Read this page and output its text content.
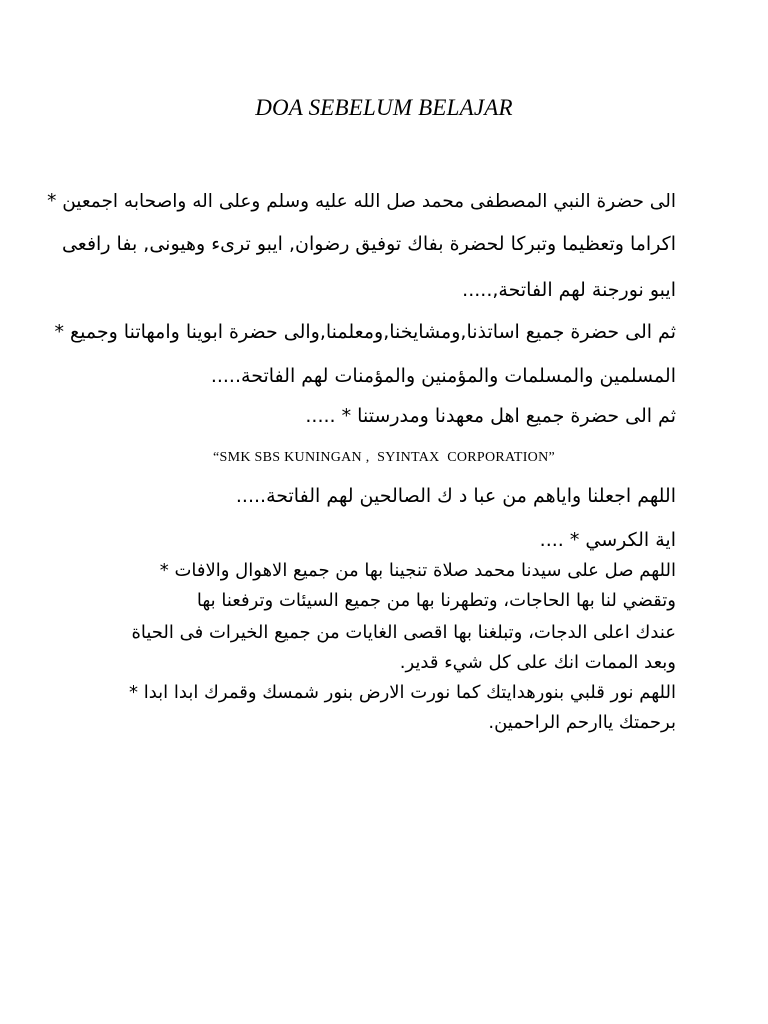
DOA SEBELUM BELAJAR
الى حضرة النبي المصطفى محمد صل الله عليه وسلم وعلى اله واصحابه اجمعين *
اكراما وتعظيما وتبركا لحضرة بفاك توفيق رضوان, ايبو ترىء وهيونى, بفا رافعى
ايبو نورجنة لهم الفاتحة,.....
ثم الى حضرة جميع اساتذنا,ومشايخنا,ومعلمنا,والى حضرة ابوينا وامهاتنا وجميع *
المسلمين والمسلمات والمؤمنين والمؤمنات لهم الفاتحة.....
ثم الى حضرة جميع اهل معهدنا ومدرستنا * .....
“SMK SBS KUNINGAN ,  SYINTAX  CORPORATION”
اللهم اجعلنا واياهم من عبا د ك الصالحين لهم الفاتحة.....
اية الكرسي * ....
اللهم صل على سيدنا محمد صلاة تنجينا بها من جميع الاهوال والافات *
وتقضي لنا بها الحاجات، وتطهرنا بها من جميع السيئات وترفعنا بها
عندك اعلى الدجات، وتبلغنا بها اقصى الغايات من جميع الخيرات فى الحياة
وبعد الممات انك على كل شيء قدير.
اللهم نور قلبي بنورهدايتك كما نورت الارض بنور شمسك وقمرك ابدا ابدا *
برحمتك ياارحم الراحمين.
